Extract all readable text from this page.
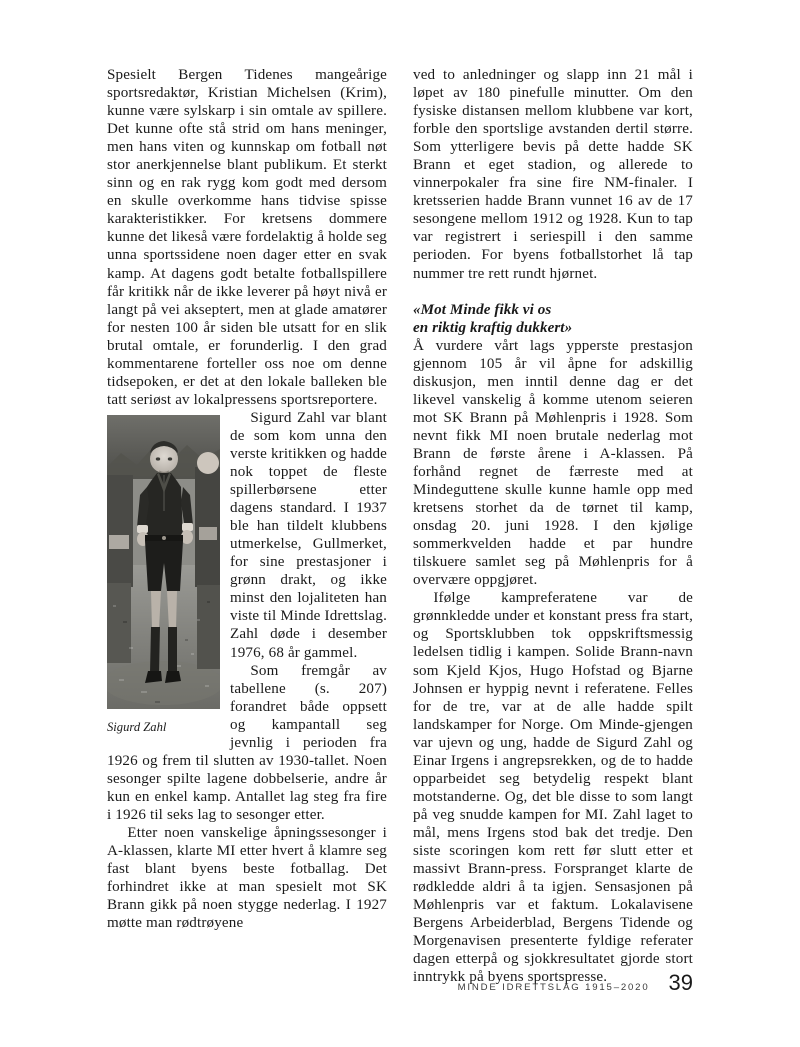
Spesielt Bergen Tidenes mangeårige sportsredaktør, Kristian Michelsen (Krim), kunne være sylskarp i sin omtale av spillere. Det kunne ofte stå strid om hans meninger, men hans viten og kunnskap om fotball nøt stor anerkjennelse blant publikum. Et sterkt sinn og en rak rygg kom godt med dersom en skulle overkomme hans tidvise spisse karakteristikker. For kretsens dommere kunne det likeså være fordelaktig å holde seg unna sportssidene noen dager etter en svak kamp. At dagens godt betalte fotballspillere får kritikk når de ikke leverer på høyt nivå er langt på vei akseptert, men at glade amatører for nesten 100 år siden ble utsatt for en slik brutal omtale, er forunderlig. I den grad kommentarene forteller oss noe om denne tidsepoken, er det at den lokale balleken ble tatt seriøst av lokalpressens sportsreportere.

Sigurd Zahl

Sigurd Zahl var blant de som kom unna den verste kritikken og hadde nok toppet de fleste spillerbørsene etter dagens standard. I 1937 ble han tildelt klubbens utmerkelse, Gullmerket, for sine prestasjoner i grønn drakt, og ikke minst den lojaliteten han viste til Minde Idrettslag. Zahl døde i desember 1976, 68 år gammel.

Som fremgår av tabellene (s. 207) forandret både oppsett og kampantall seg jevnlig i perioden fra 1926 og frem til slutten av 1930-tallet. Noen sesonger spilte lagene dobbelserie, andre år kun en enkel kamp. Antallet lag steg fra fire i 1926 til seks lag to sesonger etter.

Etter noen vanskelige åpningssesonger i A-klassen, klarte MI etter hvert å klamre seg fast blant byens beste fotballag. Det forhindret ikke at man spesielt mot SK Brann gikk på noen stygge nederlag. I 1927 møtte man rødtrøyene

ved to anledninger og slapp inn 21 mål i løpet av 180 pinefulle minutter. Om den fysiske distansen mellom klubbene var kort, forble den sportslige avstanden dertil større. Som ytterligere bevis på dette hadde SK Brann et eget stadion, og allerede to vinnerpokaler fra sine fire NM-finaler. I kretsserien hadde Brann vunnet 16 av de 17 sesongene mellom 1912 og 1928. Kun to tap var registrert i seriespill i den samme perioden. For byens fotballstorhet lå tap nummer tre rett rundt hjørnet.

«Mot Minde fikk vi os
en riktig kraftig dukkert»

Å vurdere vårt lags ypperste prestasjon gjennom 105 år vil åpne for adskillig diskusjon, men inntil denne dag er det likevel vanskelig å komme utenom seieren mot SK Brann på Møhlenpris i 1928. Som nevnt fikk MI noen brutale nederlag mot Brann de første årene i A-klassen. På forhånd regnet de færreste med at Mindeguttene skulle kunne hamle opp med kretsens storhet da de tørnet til kamp, onsdag 20. juni 1928. I den kjølige sommerkvelden hadde et par hundre tilskuere samlet seg på Møhlenpris for å overvære oppgjøret.

Ifølge kampreferatene var de grønnkledde under et konstant press fra start, og Sportsklubben tok oppskriftsmessig ledelsen tidlig i kampen. Solide Brann-navn som Kjeld Kjos, Hugo Hofstad og Bjarne Johnsen er hyppig nevnt i referatene. Felles for de tre, var at de alle hadde spilt landskamper for Norge. Om Minde-gjengen var ujevn og ung, hadde de Sigurd Zahl og Einar Irgens i angrepsrekken, og de to hadde opparbeidet seg betydelig respekt blant motstanderne. Og, det ble disse to som langt på veg snudde kampen for MI. Zahl laget to mål, mens Irgens stod bak det tredje. Den siste scoringen kom rett før slutt etter et massivt Brann-press. Forspranget klarte de rødkledde aldri å ta igjen. Sensasjonen på Møhlenpris var et faktum. Lokalavisene Bergens Arbeiderblad, Bergens Tidende og Morgenavisen presenterte fyldige referater dagen etterpå og sjokkresultatet gjorde stort inntrykk på byens sportspresse.

MINDE IDRETTSLAG 1915–2020 39
